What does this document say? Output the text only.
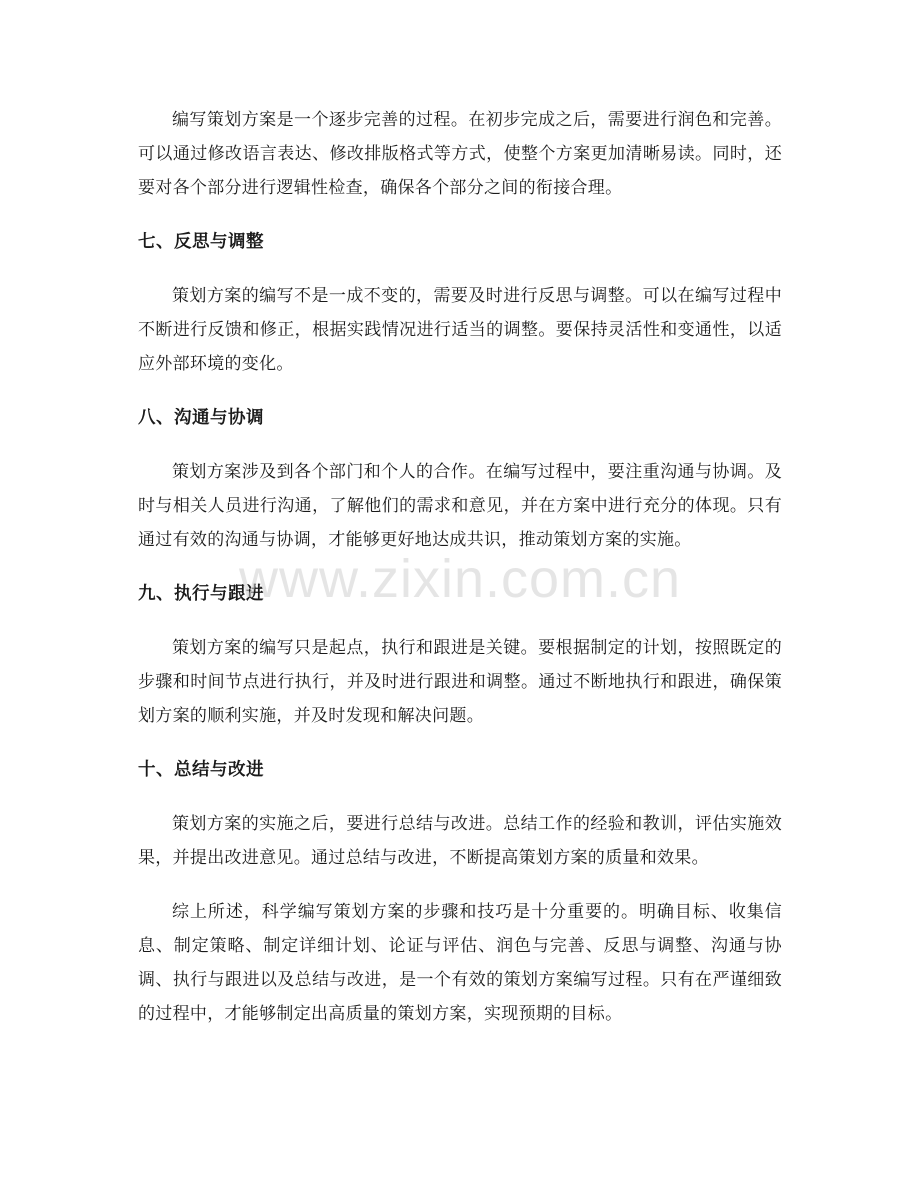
编写策划方案是一个逐步完善的过程。在初步完成之后，需要进行润色和完善。可以通过修改语言表达、修改排版格式等方式，使整个方案更加清晰易读。同时，还要对各个部分进行逻辑性检查，确保各个部分之间的衔接合理。

七、反思与调整

策划方案的编写不是一成不变的，需要及时进行反思与调整。可以在编写过程中不断进行反馈和修正，根据实践情况进行适当的调整。要保持灵活性和变通性，以适应外部环境的变化。

八、沟通与协调

策划方案涉及到各个部门和个人的合作。在编写过程中，要注重沟通与协调。及时与相关人员进行沟通，了解他们的需求和意见，并在方案中进行充分的体现。只有通过有效的沟通与协调，才能够更好地达成共识，推动策划方案的实施。

九、执行与跟进

策划方案的编写只是起点，执行和跟进是关键。要根据制定的计划，按照既定的步骤和时间节点进行执行，并及时进行跟进和调整。通过不断地执行和跟进，确保策划方案的顺利实施，并及时发现和解决问题。

十、总结与改进

策划方案的实施之后，要进行总结与改进。总结工作的经验和教训，评估实施效果，并提出改进意见。通过总结与改进，不断提高策划方案的质量和效果。

综上所述，科学编写策划方案的步骤和技巧是十分重要的。明确目标、收集信息、制定策略、制定详细计划、论证与评估、润色与完善、反思与调整、沟通与协调、执行与跟进以及总结与改进，是一个有效的策划方案编写过程。只有在严谨细致的过程中，才能够制定出高质量的策划方案，实现预期的目标。

www.zixin.com.cn
